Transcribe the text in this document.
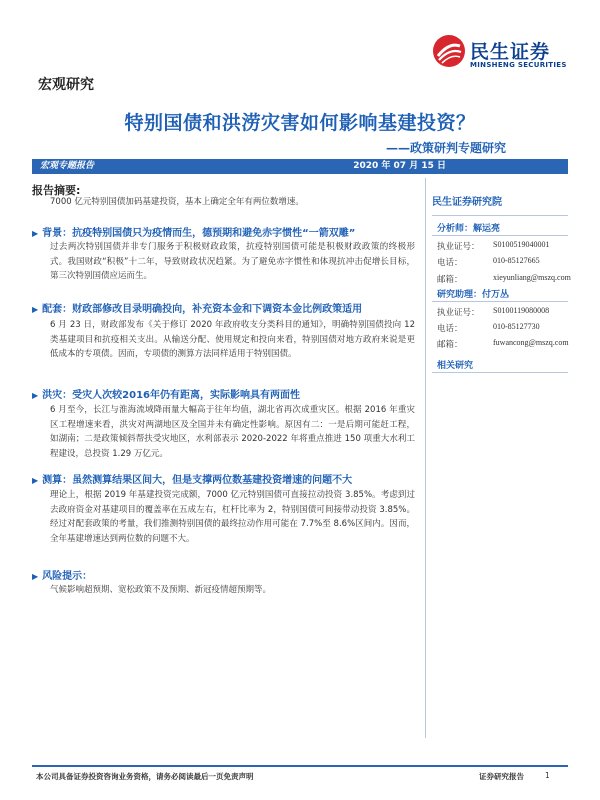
民生证券
MINSHENG SECURITIES
宏观研究
特别国债和洪涝灾害如何影响基建投资？
——政策研判专题研究
宏观专题报告	2020 年 07 月 15 日
报告摘要:

7000 亿元特别国债加码基建投资，基本上确定全年有两位数增速。

▶ 背景：抗疫特别国债只为疫情而生，德预期和避免赤字惯性“一箭双雕”

过去两次特别国债并非专门服务于积极财政政策，抗疫特别国债可能是积极财政政策的终极形式。我国财政“积极”十二年，导致财政状况趋紧。为了避免赤字惯性和体现抗冲击促增长目标，第三次特别国债应运而生。

▶ 配套：财政部修改目录明确投向，补充资本金和下调资本金比例政策适用

6 月 23 日，财政部发布《关于修订 2020 年政府收支分类科目的通知》，明确特别国债投向 12 类基建项目和抗疫相关支出。从输送分配、使用规定和投向来看，特别国债对地方政府来说是更低成本的专项债。因而，专项债的测算方法同样适用于特别国债。

▶ 洪灾：受灾人次较2016年仍有距离，实际影响具有两面性

6 月至今，长江与淮海流域降雨量大幅高于往年均值，湖北省再次成重灾区。根据 2016 年重灾区工程增速来看，洪灾对两湖地区及全国并未有确定性影响。原因有二：一是后期可能赶工程，如湖南；二是政策倾斜帮扶受灾地区，水利部表示 2020-2022 年将重点推进 150 项重大水利工程建设，总投资 1.29 万亿元。

▶ 测算：虽然测算结果区间大，但是支撑两位数基建投资增速的问题不大

理论上，根据 2019 年基建投资完成额，7000 亿元特别国债可直接拉动投资 3.85%。考虑到过去政府资金对基建项目的覆盖率在五成左右，杠杆比率为 2，特别国债可间接带动投资 3.85%。经过对配套政策的考量，我们推测特别国债的最终拉动作用可能在 7.7%至 8.6%区间内。因而，全年基建增速达到两位数的问题不大。

▶ 风险提示：

气候影响超预期、宽松政策不及预期、新冠疫情超预期等。

民生证券研究院
分析师：解运亮
执业证号： S0100519040001
电话：	010-85127665
邮箱：	xieyunliang@mszq.com
研究助理：付万丛
执业证号： S0100119080008
电话：	010-85127730
邮箱：	fuwancong@mszq.com
相关研究
本公司具备证券投资咨询业务资格，请务必阅读最后一页免责声明	证券研究报告	1
